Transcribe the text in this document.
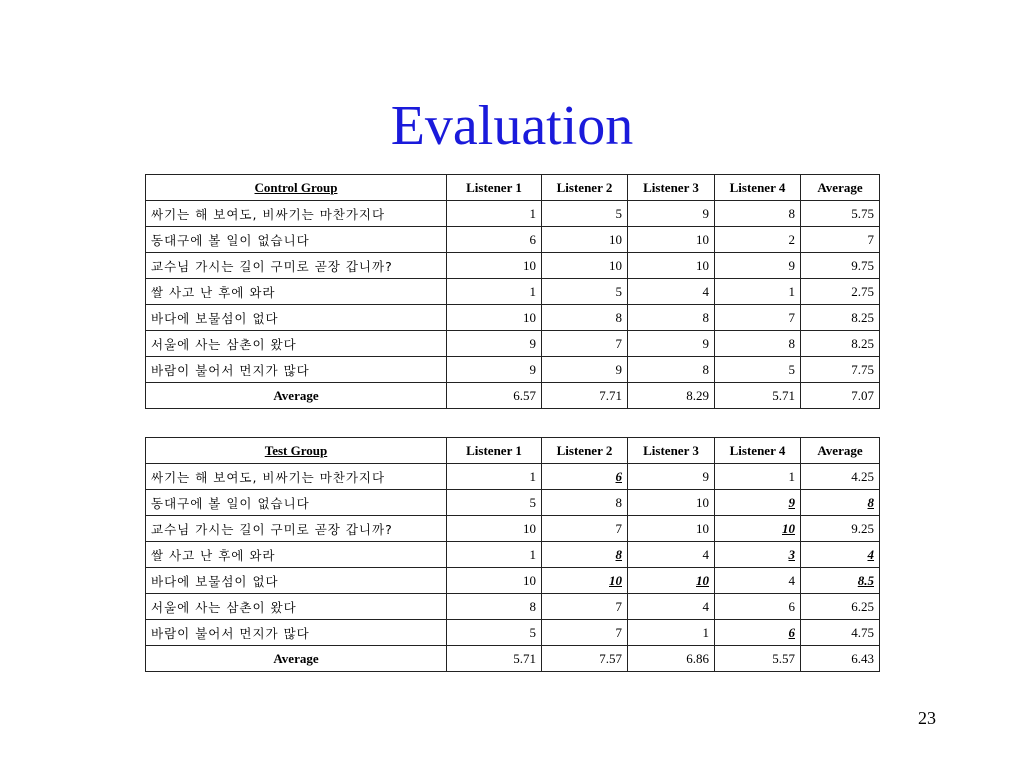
Evaluation
Control Group	Listener 1	Listener 2	Listener 3	Listener 4	Average
싸기는 해 보여도, 비싸기는 마찬가지다	1	5	9	8	5.75
동대구에 볼 일이 없습니다	6	10	10	2	7
교수님 가시는 길이 구미로 곧장 갑니까?	10	10	10	9	9.75
쌀 사고 난 후에 와라	1	5	4	1	2.75
바다에 보물섬이 없다	10	8	8	7	8.25
서울에 사는 삼촌이 왔다	9	7	9	8	8.25
바람이 불어서 먼지가 많다	9	9	8	5	7.75
Average	6.57	7.71	8.29	5.71	7.07
Test Group	Listener 1	Listener 2	Listener 3	Listener 4	Average
싸기는 해 보여도, 비싸기는 마찬가지다	1	6	9	1	4.25
동대구에 볼 일이 없습니다	5	8	10	9	8
교수님 가시는 길이 구미로 곧장 갑니까?	10	7	10	10	9.25
쌀 사고 난 후에 와라	1	8	4	3	4
바다에 보물섬이 없다	10	10	10	4	8.5
서울에 사는 삼촌이 왔다	8	7	4	6	6.25
바람이 불어서 먼지가 많다	5	7	1	6	4.75
Average	5.71	7.57	6.86	5.57	6.43
23
